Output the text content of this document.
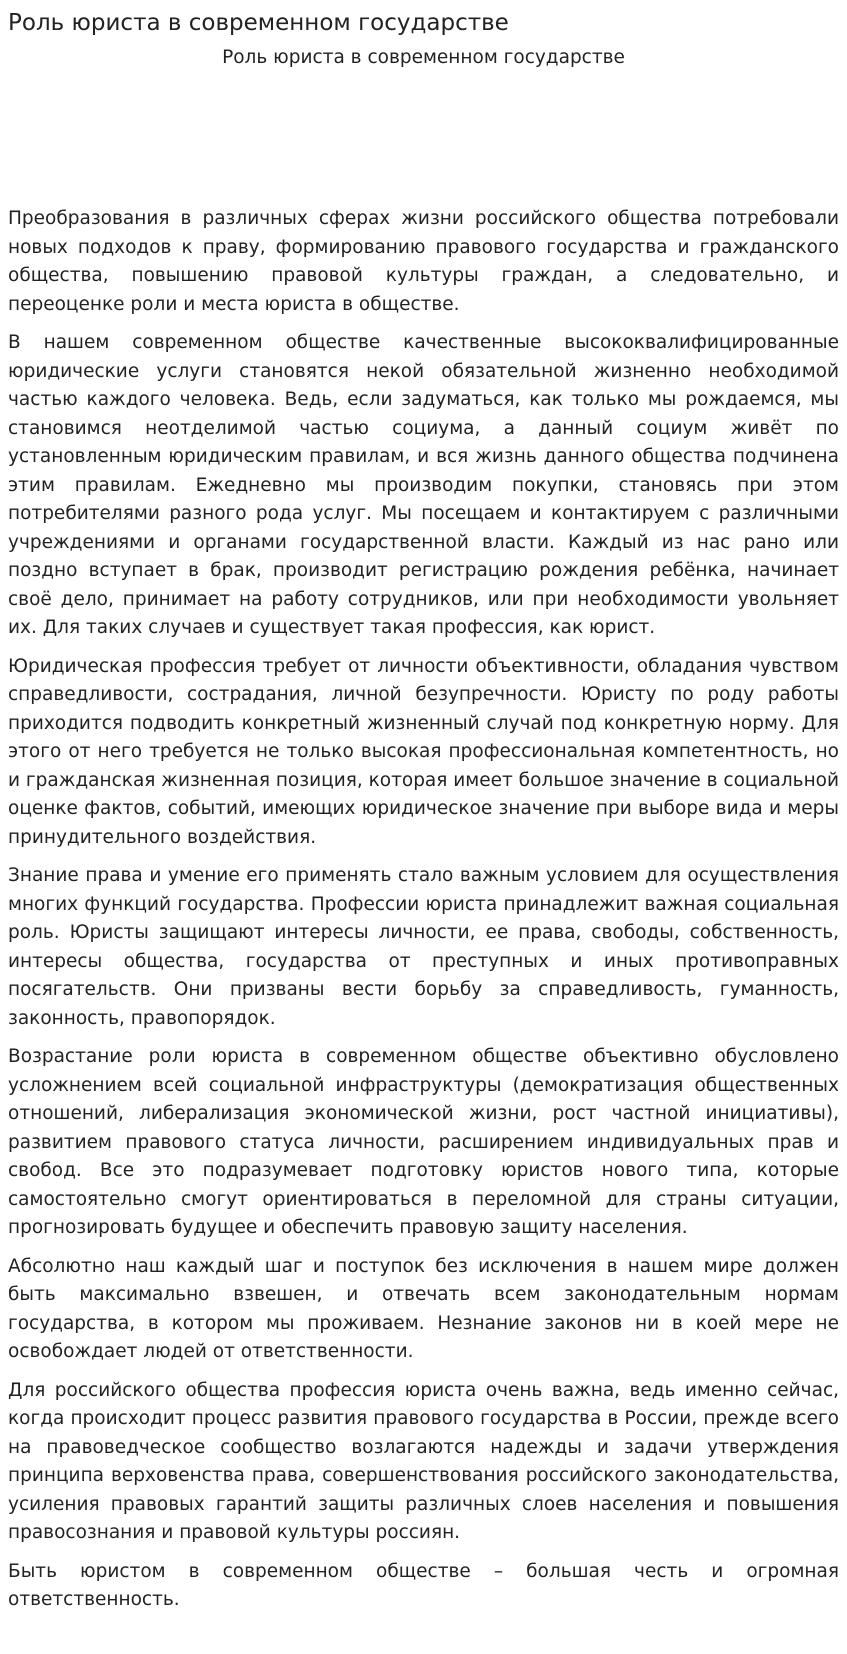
Роль юриста в современном государстве
Роль юриста в современном государстве

Преобразования в различных сферах жизни российского общества потребовали новых подходов к праву, формированию правового государства и гражданского общества, повышению правовой культуры граждан, а следовательно, и переоценке роли и места юриста в обществе.

В нашем современном обществе качественные высококвалифицированные юридические услуги становятся некой обязательной жизненно необходимой частью каждого человека. Ведь, если задуматься, как только мы рождаемся, мы становимся неотделимой частью социума, а данный социум живёт по установленным юридическим правилам, и вся жизнь данного общества подчинена этим правилам. Ежедневно мы производим покупки, становясь при этом потребителями разного рода услуг. Мы посещаем и контактируем с различными учреждениями и органами государственной власти. Каждый из нас рано или поздно вступает в брак, производит регистрацию рождения ребёнка, начинает своё дело, принимает на работу сотрудников, или при необходимости увольняет их. Для таких случаев и существует такая профессия, как юрист.

Юридическая профессия требует от личности объективности, обладания чувством справедливости, сострадания, личной безупречности. Юристу по роду работы приходится подводить конкретный жизненный случай под конкретную норму. Для этого от него требуется не только высокая профессиональная компетентность, но и гражданская жизненная позиция, которая имеет большое значение в социальной оценке фактов, событий, имеющих юридическое значение при выборе вида и меры принудительного воздействия.

Знание права и умение его применять стало важным условием для осуществления многих функций государства. Профессии юриста принадлежит важная социальная роль. Юристы защищают интересы личности, ее права, свободы, собственность, интересы общества, государства от преступных и иных противоправных посягательств. Они призваны вести борьбу за справедливость, гуманность, законность, правопорядок.

Возрастание роли юриста в современном обществе объективно обусловлено усложнением всей социальной инфраструктуры (демократизация общественных отношений, либерализация экономической жизни, рост частной инициативы), развитием правового статуса личности, расширением индивидуальных прав и свобод. Все это подразумевает подготовку юристов нового типа, которые самостоятельно смогут ориентироваться в переломной для страны ситуации, прогнозировать будущее и обеспечить правовую защиту населения.

Абсолютно наш каждый шаг и поступок без исключения в нашем мире должен быть максимально взвешен, и отвечать всем законодательным нормам государства, в котором мы проживаем. Незнание законов ни в коей мере не освобождает людей от ответственности.

Для российского общества профессия юриста очень важна, ведь именно сейчас, когда происходит процесс развития правового государства в России, прежде всего на правоведческое сообщество возлагаются надежды и задачи утверждения принципа верховенства права, совершенствования российского законодательства, усиления правовых гарантий защиты различных слоев населения и повышения правосознания и правовой культуры россиян.

Быть юристом в современном обществе – большая честь и огромная ответственность.
